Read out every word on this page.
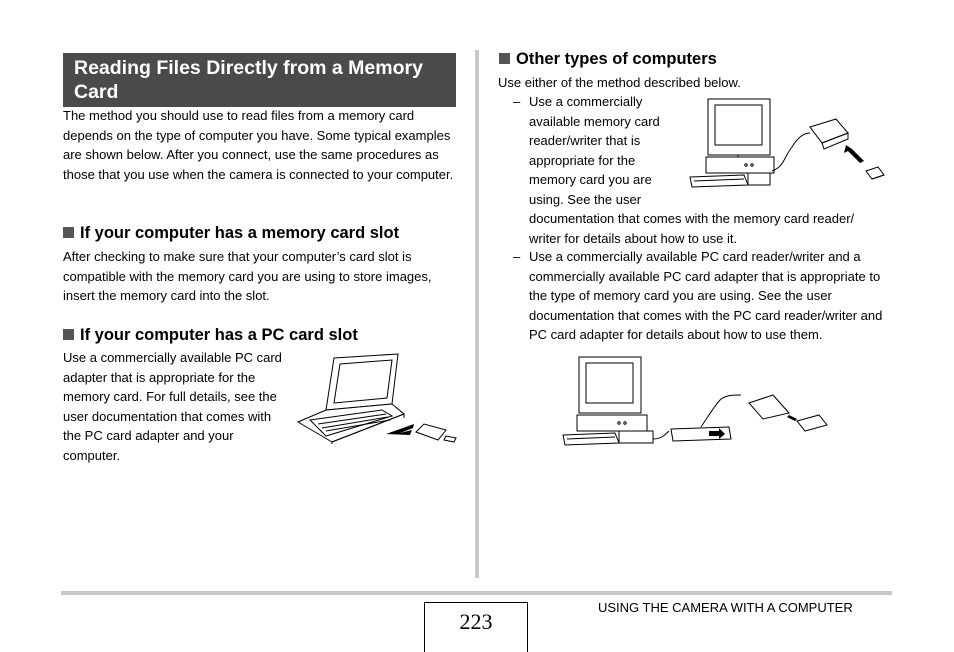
Reading Files Directly from a Memory Card

The method you should use to read files from a memory card depends on the type of computer you have. Some typical examples are shown below. After you connect, use the same procedures as those that you use when the camera is connected to your computer.

If your computer has a memory card slot

After checking to make sure that your computer’s card slot is compatible with the memory card you are using to store images, insert the memory card into the slot.

If your computer has a PC card slot

Use a commercially available PC card adapter that is appropriate for the memory card. For full details, see the user documentation that comes with the PC card adapter and your computer.

Other types of computers

Use either of the method described below.

– Use a commercially available memory card reader/writer that is appropriate for the memory card you are using. See the user

documentation that comes with the memory card reader/ writer for details about how to use it.

– Use a commercially available PC card reader/writer and a commercially available PC card adapter that is appropriate to the type of memory card you are using. See the user documentation that comes with the PC card reader/writer and PC card adapter for details about how to use them.

223
USING THE CAMERA WITH A COMPUTER
